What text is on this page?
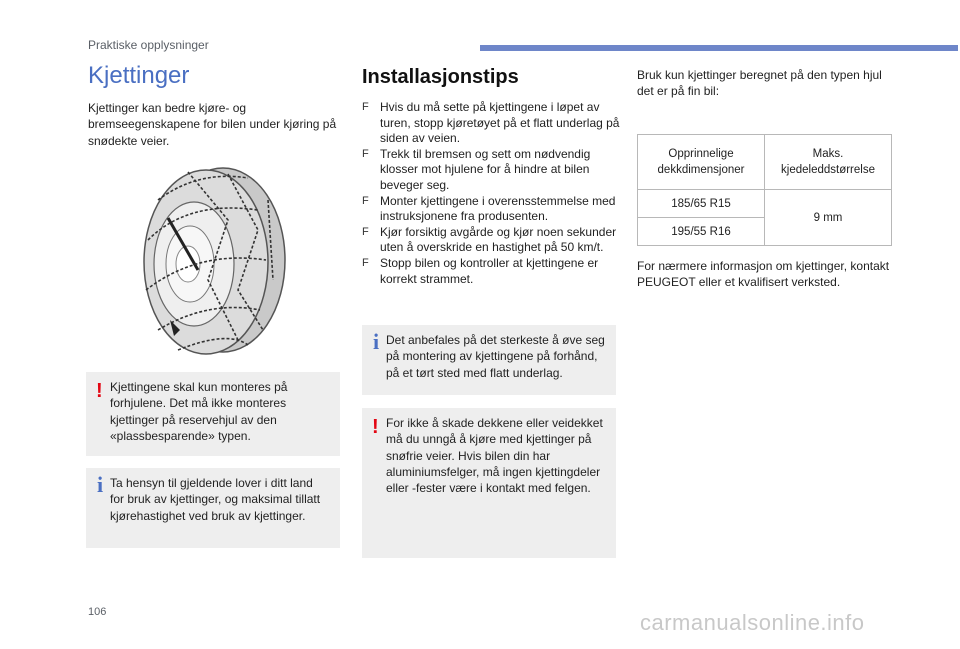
Praktiske opplysninger
Kjettinger
Kjettinger kan bedre kjøre- og bremseegenskapene for bilen under kjøring på snødekte veier.
! Kjettingene skal kun monteres på forhjulene. Det må ikke monteres kjettinger på reservehjul av den «plassbesparende» typen.
i Ta hensyn til gjeldende lover i ditt land for bruk av kjettinger, og maksimal tillatt kjørehastighet ved bruk av kjettinger.
Installasjonstips
F Hvis du må sette på kjettingene i løpet av turen, stopp kjøretøyet på et flatt underlag på siden av veien.
F Trekk til bremsen og sett om nødvendig klosser mot hjulene for å hindre at bilen beveger seg.
F Monter kjettingene i overensstemmelse med instruksjonene fra produsenten.
F Kjør forsiktig avgårde og kjør noen sekunder uten å overskride en hastighet på 50 km/t.
F Stopp bilen og kontroller at kjettingene er korrekt strammet.
i Det anbefales på det sterkeste å øve seg på montering av kjettingene på forhånd, på et tørt sted med flatt underlag.
! For ikke å skade dekkene eller veidekket må du unngå å kjøre med kjettinger på snøfrie veier. Hvis bilen din har aluminiumsfelger, må ingen kjettingdeler eller -fester være i kontakt med felgen.
Bruk kun kjettinger beregnet på den typen hjul det er på fin bil:
Opprinnelige dekkdimensjoner	Maks. kjedeleddstørrelse
185/65 R15	9 mm
195/55 R16	
For nærmere informasjon om kjettinger, kontakt PEUGEOT eller et kvalifisert verksted.
106	carmanualsonline.info
